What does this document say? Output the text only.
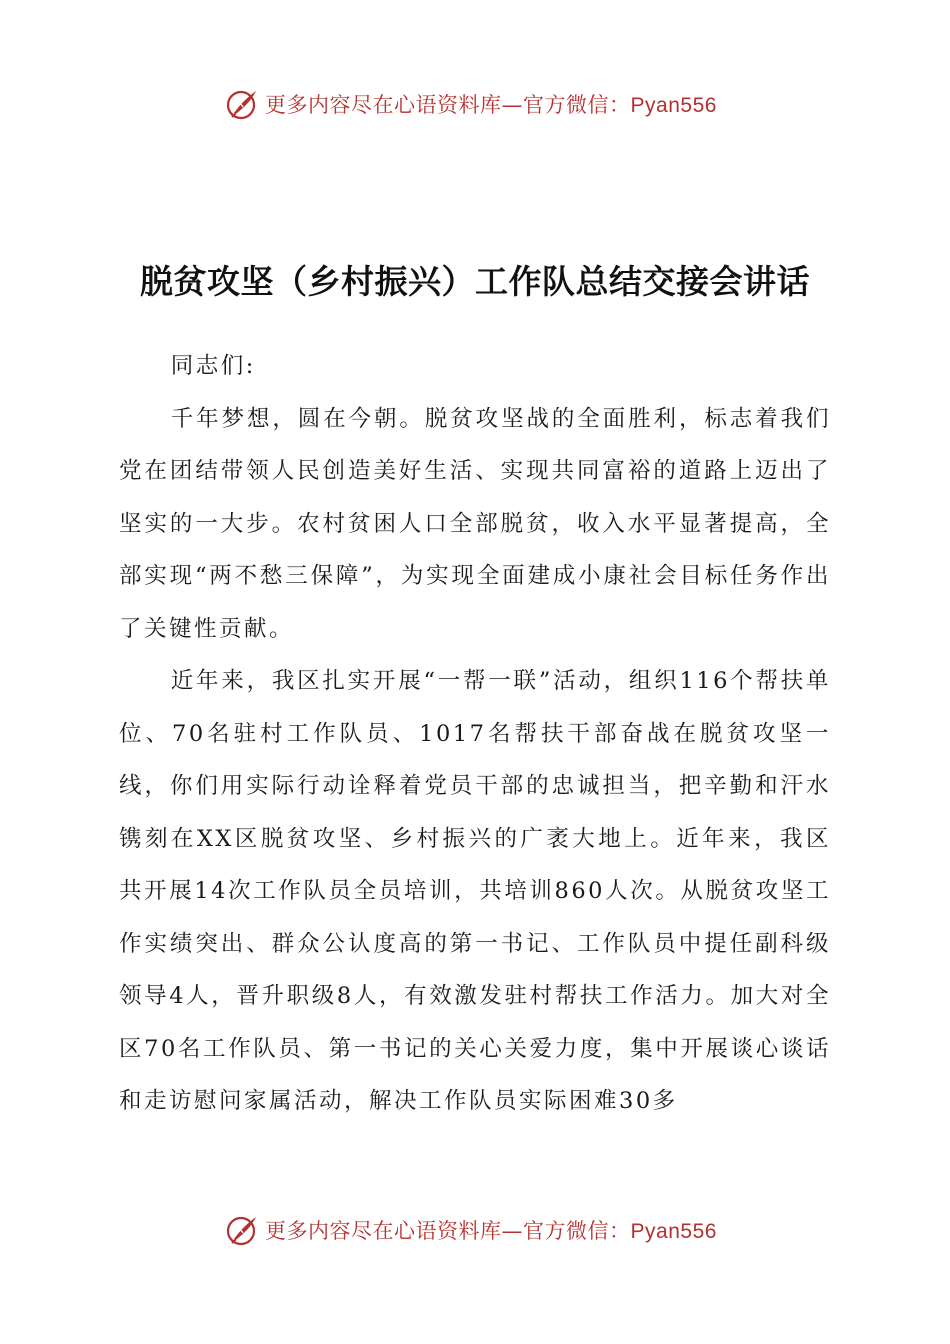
更多内容尽在心语资料库—官方微信：Pyan556
脱贫攻坚（乡村振兴）工作队总结交接会讲话

同志们:

千年梦想，圆在今朝。脱贫攻坚战的全面胜利，标志着我们党在团结带领人民创造美好生活、实现共同富裕的道路上迈出了坚实的一大步。农村贫困人口全部脱贫，收入水平显著提高，全部实现“两不愁三保障”，为实现全面建成小康社会目标任务作出了关键性贡献。

近年来，我区扎实开展“一帮一联”活动，组织116个帮扶单位、70名驻村工作队员、1017名帮扶干部奋战在脱贫攻坚一线，你们用实际行动诠释着党员干部的忠诚担当，把辛勤和汗水镌刻在XX区脱贫攻坚、乡村振兴的广袤大地上。近年来，我区共开展14次工作队员全员培训，共培训860人次。从脱贫攻坚工作实绩突出、群众公认度高的第一书记、工作队员中提任副科级领导4人，晋升职级8人，有效激发驻村帮扶工作活力。加大对全区70名工作队员、第一书记的关心关爱力度，集中开展谈心谈话和走访慰问家属活动，解决工作队员实际困难30多

更多内容尽在心语资料库—官方微信：Pyan556
